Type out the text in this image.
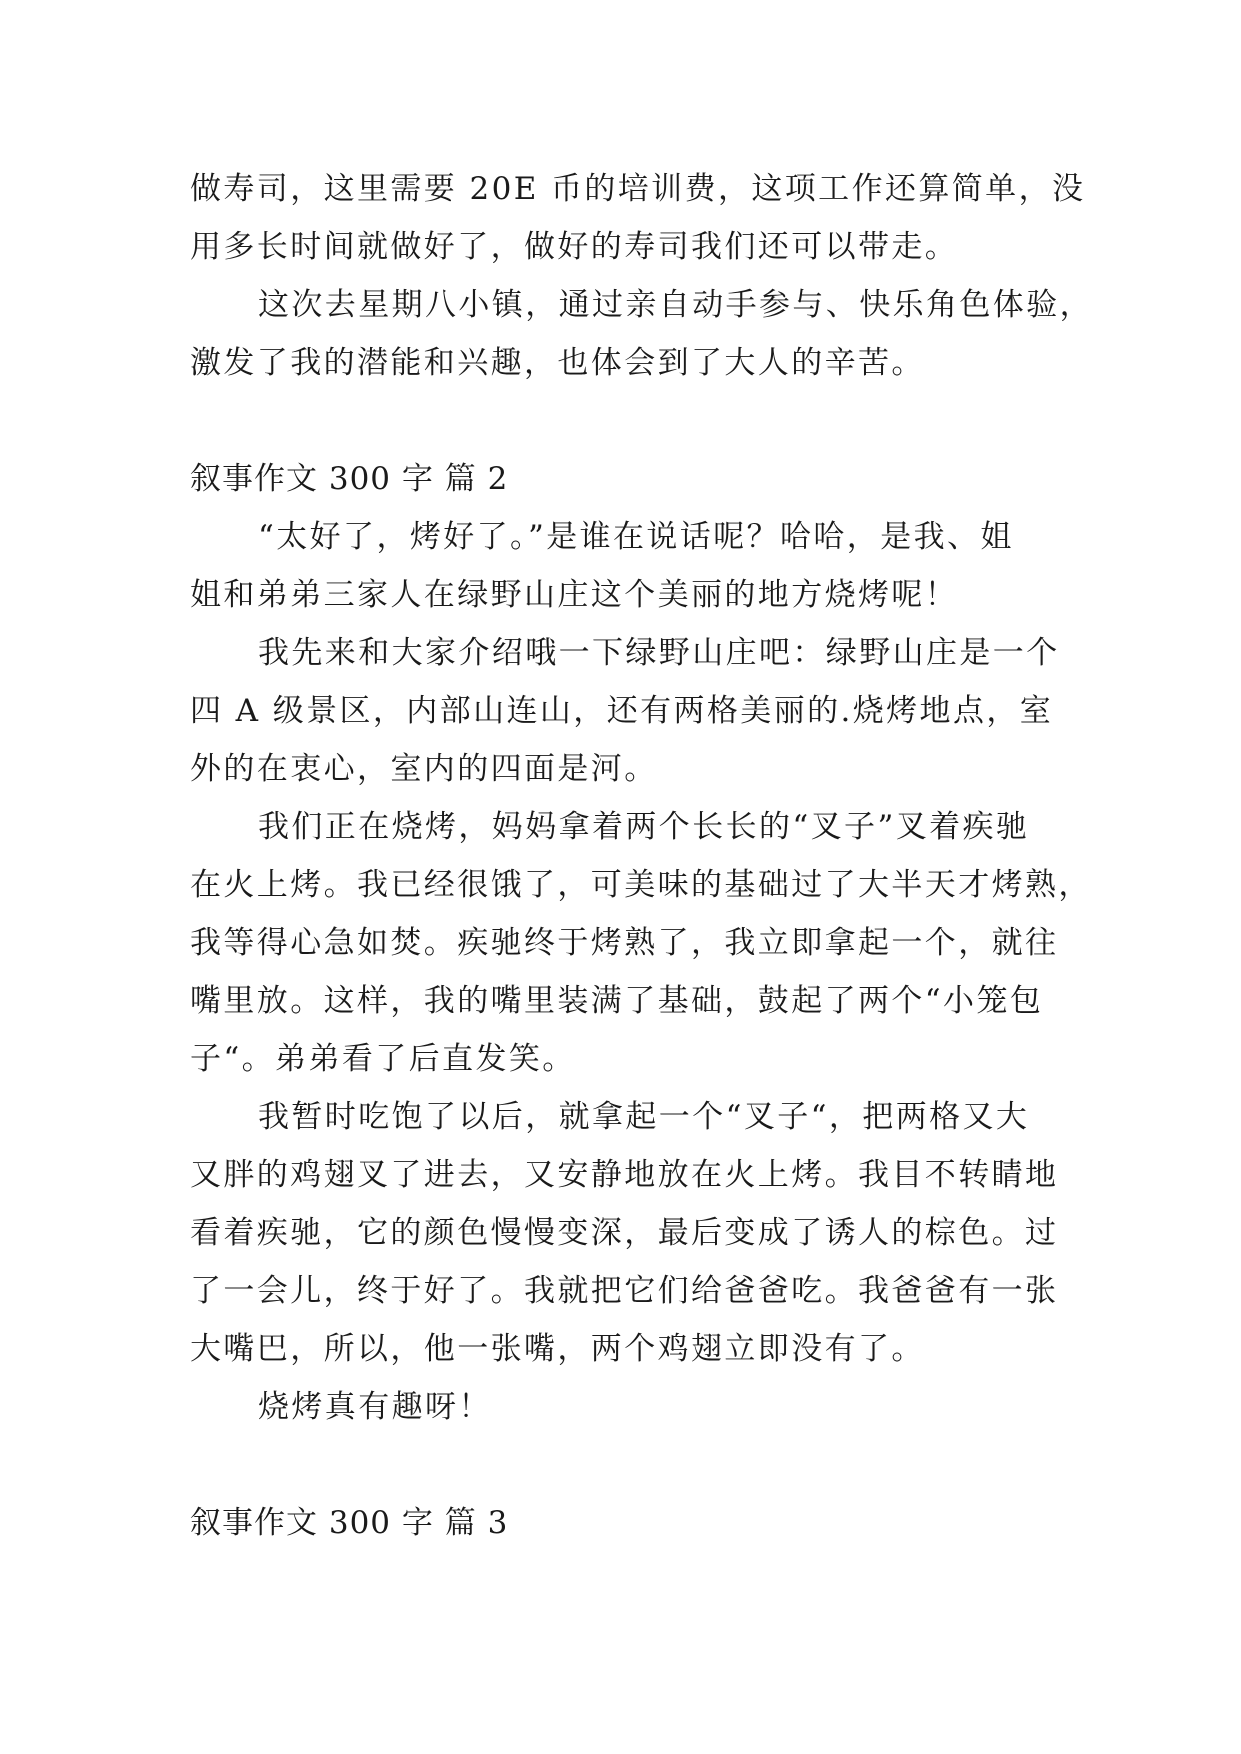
做寿司，这里需要 20E 币的培训费，这项工作还算简单，没
用多长时间就做好了，做好的寿司我们还可以带走。
这次去星期八小镇，通过亲自动手参与、快乐角色体验，
激发了我的潜能和兴趣，也体会到了大人的辛苦。
叙事作文 300 字 篇 2
“太好了，烤好了。”是谁在说话呢？哈哈，是我、姐
姐和弟弟三家人在绿野山庄这个美丽的地方烧烤呢！
我先来和大家介绍哦一下绿野山庄吧：绿野山庄是一个
四 A 级景区，内部山连山，还有两格美丽的.烧烤地点，室
外的在衷心，室内的四面是河。
我们正在烧烤，妈妈拿着两个长长的“叉子”叉着疾驰
在火上烤。我已经很饿了，可美味的基础过了大半天才烤熟，
我等得心急如焚。疾驰终于烤熟了，我立即拿起一个，就往
嘴里放。这样，我的嘴里装满了基础，鼓起了两个“小笼包
子“。弟弟看了后直发笑。
我暂时吃饱了以后，就拿起一个“叉子“，把两格又大
又胖的鸡翅叉了进去，又安静地放在火上烤。我目不转睛地
看着疾驰，它的颜色慢慢变深，最后变成了诱人的棕色。过
了一会儿，终于好了。我就把它们给爸爸吃。我爸爸有一张
大嘴巴，所以，他一张嘴，两个鸡翅立即没有了。
烧烤真有趣呀！
叙事作文 300 字 篇 3
